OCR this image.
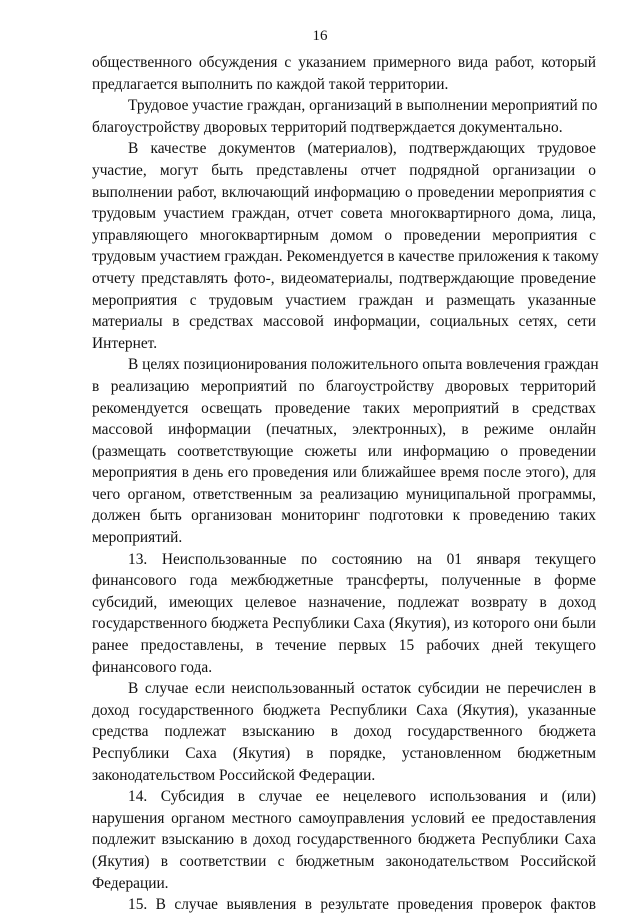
16
общественного обсуждения с указанием примерного вида работ, который
предлагается выполнить по каждой такой территории.
Трудовое участие граждан, организаций в выполнении мероприятий по
благоустройству дворовых территорий подтверждается документально.
В качестве документов (материалов), подтверждающих трудовое
участие, могут быть представлены отчет подрядной организации о
выполнении работ, включающий информацию о проведении мероприятия с
трудовым участием граждан, отчет совета многоквартирного дома, лица,
управляющего многоквартирным домом о проведении мероприятия с
трудовым участием граждан. Рекомендуется в качестве приложения к такому
отчету представлять фото-, видеоматериалы, подтверждающие проведение
мероприятия с трудовым участием граждан и размещать указанные
материалы в средствах массовой информации, социальных сетях, сети
Интернет.
В целях позиционирования положительного опыта вовлечения граждан
в реализацию мероприятий по благоустройству дворовых территорий
рекомендуется освещать проведение таких мероприятий в средствах
массовой информации (печатных, электронных), в режиме онлайн
(размещать соответствующие сюжеты или информацию о проведении
мероприятия в день его проведения или ближайшее время после этого), для
чего органом, ответственным за реализацию муниципальной программы,
должен быть организован мониторинг подготовки к проведению таких
мероприятий.
13. Неиспользованные по состоянию на 01 января текущего
финансового года межбюджетные трансферты, полученные в форме
субсидий, имеющих целевое назначение, подлежат возврату в доход
государственного бюджета Республики Саха (Якутия), из которого они были
ранее предоставлены, в течение первых 15 рабочих дней текущего
финансового года.
В случае если неиспользованный остаток субсидии не перечислен в
доход государственного бюджета Республики Саха (Якутия), указанные
средства подлежат взысканию в доход государственного бюджета
Республики Саха (Якутия) в порядке, установленном бюджетным
законодательством Российской Федерации.
14. Субсидия в случае ее нецелевого использования и (или)
нарушения органом местного самоуправления условий ее предоставления
подлежит взысканию в доход государственного бюджета Республики Саха
(Якутия) в соответствии с бюджетным законодательством Российской
Федерации.
15. В случае выявления в результате проведения проверок фактов
